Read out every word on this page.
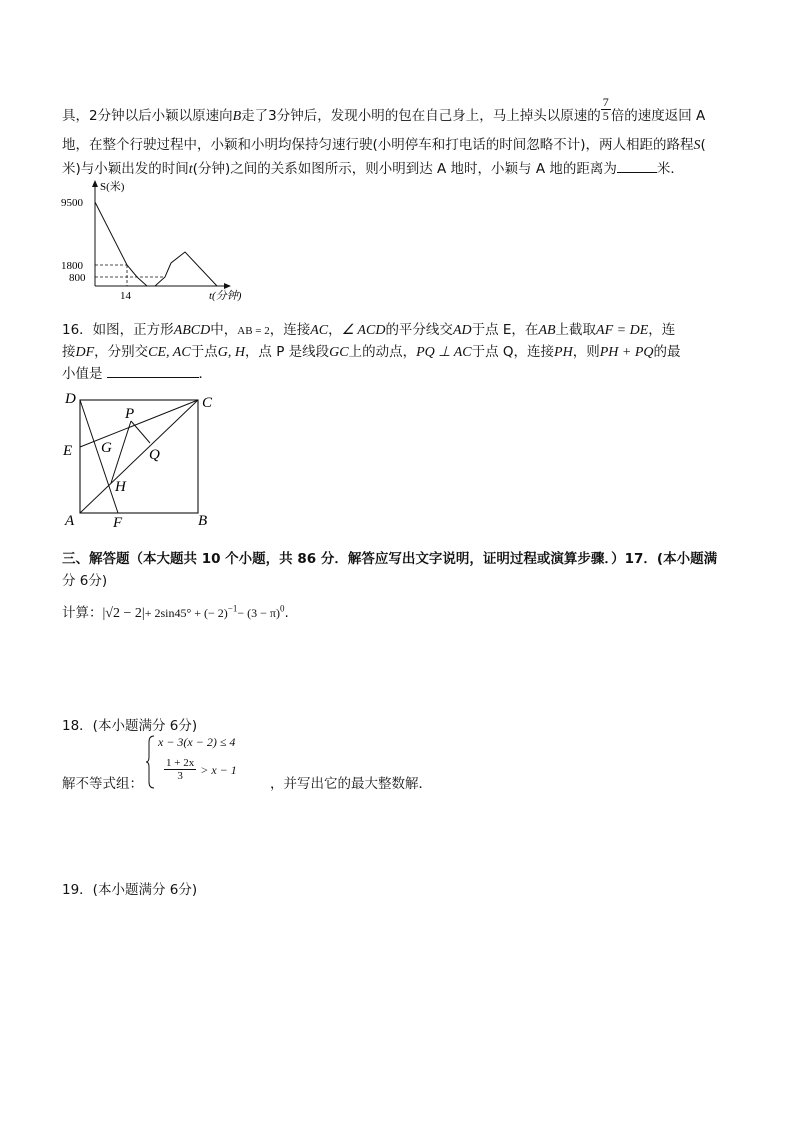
具，2分钟以后小颖以原速向B走了3分钟后，发现小明的包在自己身上，马上掉头以原速的 $\frac{7}{5}$ 倍的速度返回 A
地，在整个行驶过程中，小颖和小明均保持匀速行驶(小明停车和打电话的时间忽略不计)，两人相距的路程S(
米)与小颖出发的时间t(分钟)之间的关系如图所示，则小明到达 A 地时，小颖与 A 地的距离为	米．
S(米)
9500
1800
800
14	t(分钟)
16．如图，正方形ABCD中，AB = 2，连接AC，∠ ACD的平分线交AD于点 E，在AB上截取AF = DE，连
接DF，分别交CE, AC于点G, H，点 P 是线段GC上的动点，PQ ⊥ AC于点 Q，连接PH，则PH + PQ的最
小值是	．
D	C
P
E G Q
H
A	F	B
三、解答题（本大题共 10 个小题，共 86 分．解答应写出文字说明，证明过程或演算步骤．）17．(本小题满
分 6分)
计算：|√2 − 2|+ 2sin45° + (− $2)^{-1}- (3 - \pi)^0$.
18．(本小题满分 6分)
解不等式组：
x − 3(x − 2) ≤ 4
$\frac{1 + 2x}{3} > x - 1$
，并写出它的最大整数解．
19．(本小题满分 6分)
